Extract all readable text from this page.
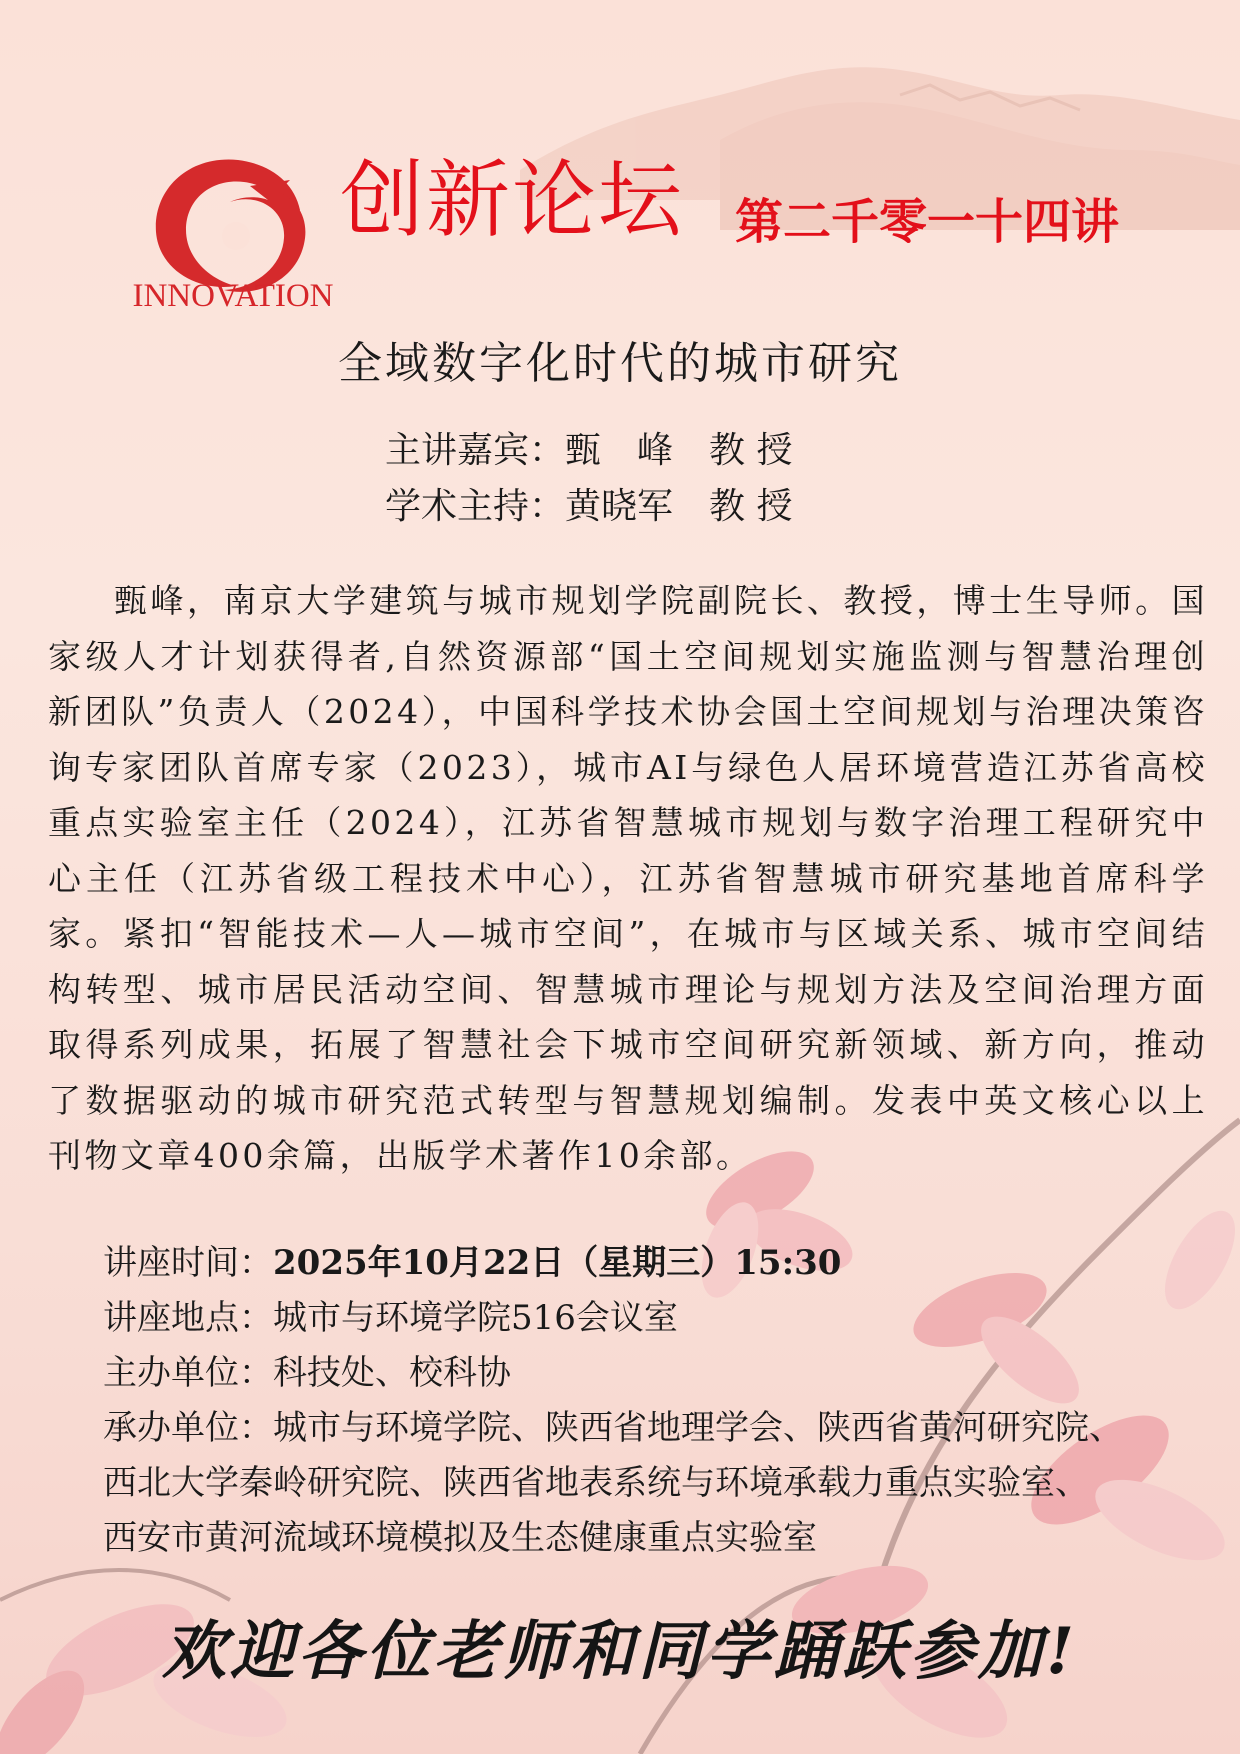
INNOVATION
创新论坛 第二千零一十四讲
全域数字化时代的城市研究
主讲嘉宾：甄　峰　教 授
学术主持：黄晓军　教 授
甄峰，南京大学建筑与城市规划学院副院长、教授，博士生导师。国家级人才计划获得者,自然资源部“国土空间规划实施监测与智慧治理创新团队”负责人（2024），中国科学技术协会国土空间规划与治理决策咨询专家团队首席专家（2023），城市AI与绿色人居环境营造江苏省高校重点实验室主任（2024），江苏省智慧城市规划与数字治理工程研究中心主任（江苏省级工程技术中心），江苏省智慧城市研究基地首席科学家。紧扣“智能技术—人—城市空间”，在城市与区域关系、城市空间结构转型、城市居民活动空间、智慧城市理论与规划方法及空间治理方面取得系列成果，拓展了智慧社会下城市空间研究新领域、新方向，推动了数据驱动的城市研究范式转型与智慧规划编制。发表中英文核心以上刊物文章400余篇，出版学术著作10余部。
讲座时间：2025年10月22日（星期三）15:30
讲座地点：城市与环境学院516会议室
主办单位：科技处、校科协
承办单位：城市与环境学院、陕西省地理学会、陕西省黄河研究院、
西北大学秦岭研究院、陕西省地表系统与环境承载力重点实验室、
西安市黄河流域环境模拟及生态健康重点实验室
欢迎各位老师和同学踊跃参加!
